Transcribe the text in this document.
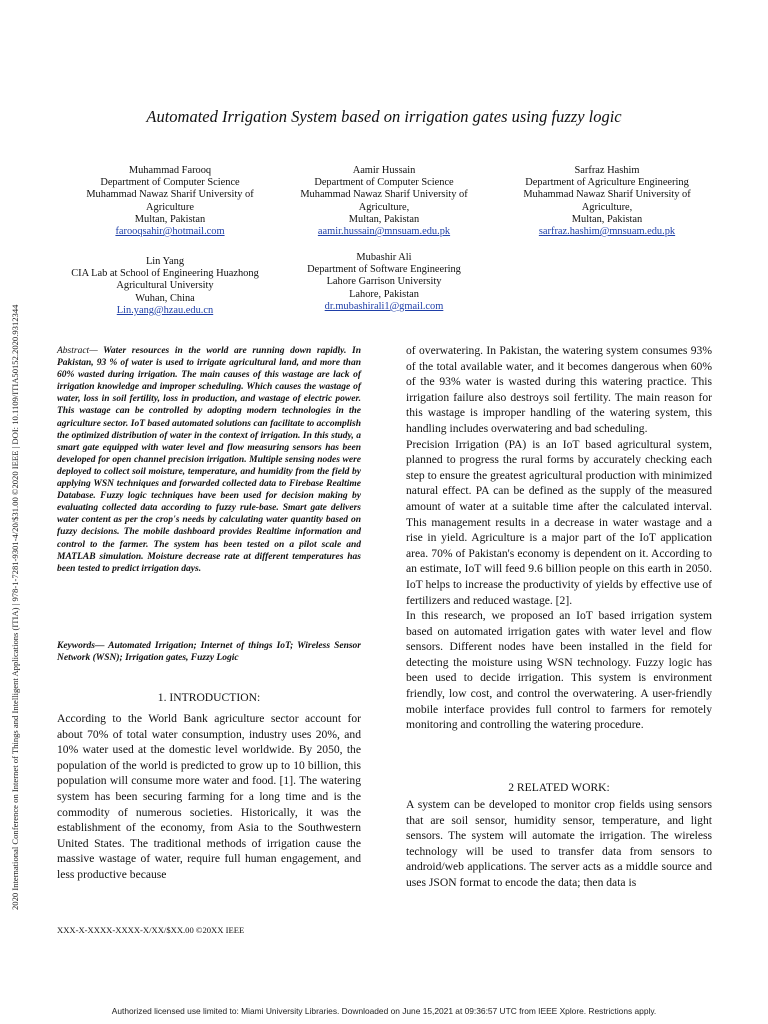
2020 International Conference on Internet of Things and Intelligent Applications (ITIA) | 978-1-7281-9301-4/20/$31.00 ©2020 IEEE | DOI: 10.1109/ITIA50152.2020.9312344
Automated Irrigation System based on irrigation gates using fuzzy logic
Muhammad Farooq
Department of Computer Science
Muhammad Nawaz Sharif University of
Agriculture
Multan, Pakistan
farooqsahir@hotmail.com
Aamir Hussain
Department of Computer Science
Muhammad Nawaz Sharif University of
Agriculture,
Multan, Pakistan
aamir.hussain@mnsuam.edu.pk
Sarfraz Hashim
Department of Agriculture Engineering
Muhammad Nawaz Sharif University of
Agriculture,
Multan, Pakistan
sarfraz.hashim@mnsuam.edu.pk
Lin Yang
CIA Lab at School of Engineering Huazhong
Agricultural University
Wuhan, China
Lin.yang@hzau.edu.cn
Mubashir Ali
Department of Software Engineering
Lahore Garrison University
Lahore, Pakistan
dr.mubashirali1@gmail.com
Abstract— Water resources in the world are running down rapidly. In Pakistan, 93 % of water is used to irrigate agricultural land, and more than 60% wasted during irrigation. The main causes of this wastage are lack of irrigation knowledge and improper scheduling. Which causes the wastage of water, loss in soil fertility, loss in production, and wastage of electric power. This wastage can be controlled by adopting modern technologies in the agriculture sector. IoT based automated solutions can facilitate to accomplish the optimized distribution of water in the context of irrigation. In this study, a smart gate equipped with water level and flow measuring sensors has been developed for open channel precision irrigation. Multiple sensing nodes were deployed to collect soil moisture, temperature, and humidity from the field by applying WSN techniques and forwarded collected data to Firebase Realtime Database. Fuzzy logic techniques have been used for decision making by evaluating collected data according to fuzzy rule-base. Smart gate delivers water content as per the crop's needs by calculating water quantity based on fuzzy decisions. The mobile dashboard provides Realtime information and control to the farmer. The system has been tested on a pilot scale and MATLAB simulation. Moisture decrease rate at different temperatures has been tested to predict irrigation days.
Keywords— Automated Irrigation; Internet of things IoT; Wireless Sensor Network (WSN); Irrigation gates, Fuzzy Logic
1. INTRODUCTION:
According to the World Bank agriculture sector account for about 70% of total water consumption, industry uses 20%, and 10% water used at the domestic level worldwide. By 2050, the population of the world is predicted to grow up to 10 billion, this population will consume more water and food. [1]. The watering system has been securing farming for a long time and is the commodity of numerous societies. Historically, it was the establishment of the economy, from Asia to the Southwestern United States. The traditional methods of irrigation cause the massive wastage of water, require full human engagement, and less productive because

of overwatering. In Pakistan, the watering system consumes 93% of the total available water, and it becomes dangerous when 60% of the 93% water is wasted during this watering practice. This irrigation failure also destroys soil fertility. The main reason for this wastage is improper handling of the watering system, this handling includes overwatering and bad scheduling.

Precision Irrigation (PA) is an IoT based agricultural system, planned to progress the rural forms by accurately checking each step to ensure the greatest agricultural production with minimized natural effect. PA can be defined as the supply of the measured amount of water at a suitable time after the calculated interval. This management results in a decrease in water wastage and a rise in yield. Agriculture is a major part of the IoT application area. 70% of Pakistan's economy is dependent on it. According to an estimate, IoT will feed 9.6 billion people on this earth in 2050. IoT helps to increase the productivity of yields by effective use of fertilizers and reduced wastage. [2].

In this research, we proposed an IoT based irrigation system based on automated irrigation gates with water level and flow sensors. Different nodes have been installed in the field for detecting the moisture using WSN technology. Fuzzy logic has been used to decide irrigation. This system is environment friendly, low cost, and control the overwatering. A user-friendly mobile interface provides full control to farmers for remotely monitoring and controlling the watering procedure.

2 RELATED WORK:
A system can be developed to monitor crop fields using sensors that are soil sensor, humidity sensor, temperature, and light sensors. The system will automate the irrigation. The wireless technology will be used to transfer data from sensors to android/web applications. The server acts as a middle source and uses JSON format to encode the data; then data is
XXX-X-XXXX-XXXX-X/XX/$XX.00 ©20XX IEEE
Authorized licensed use limited to: Miami University Libraries. Downloaded on June 15,2021 at 09:36:57 UTC from IEEE Xplore. Restrictions apply.
